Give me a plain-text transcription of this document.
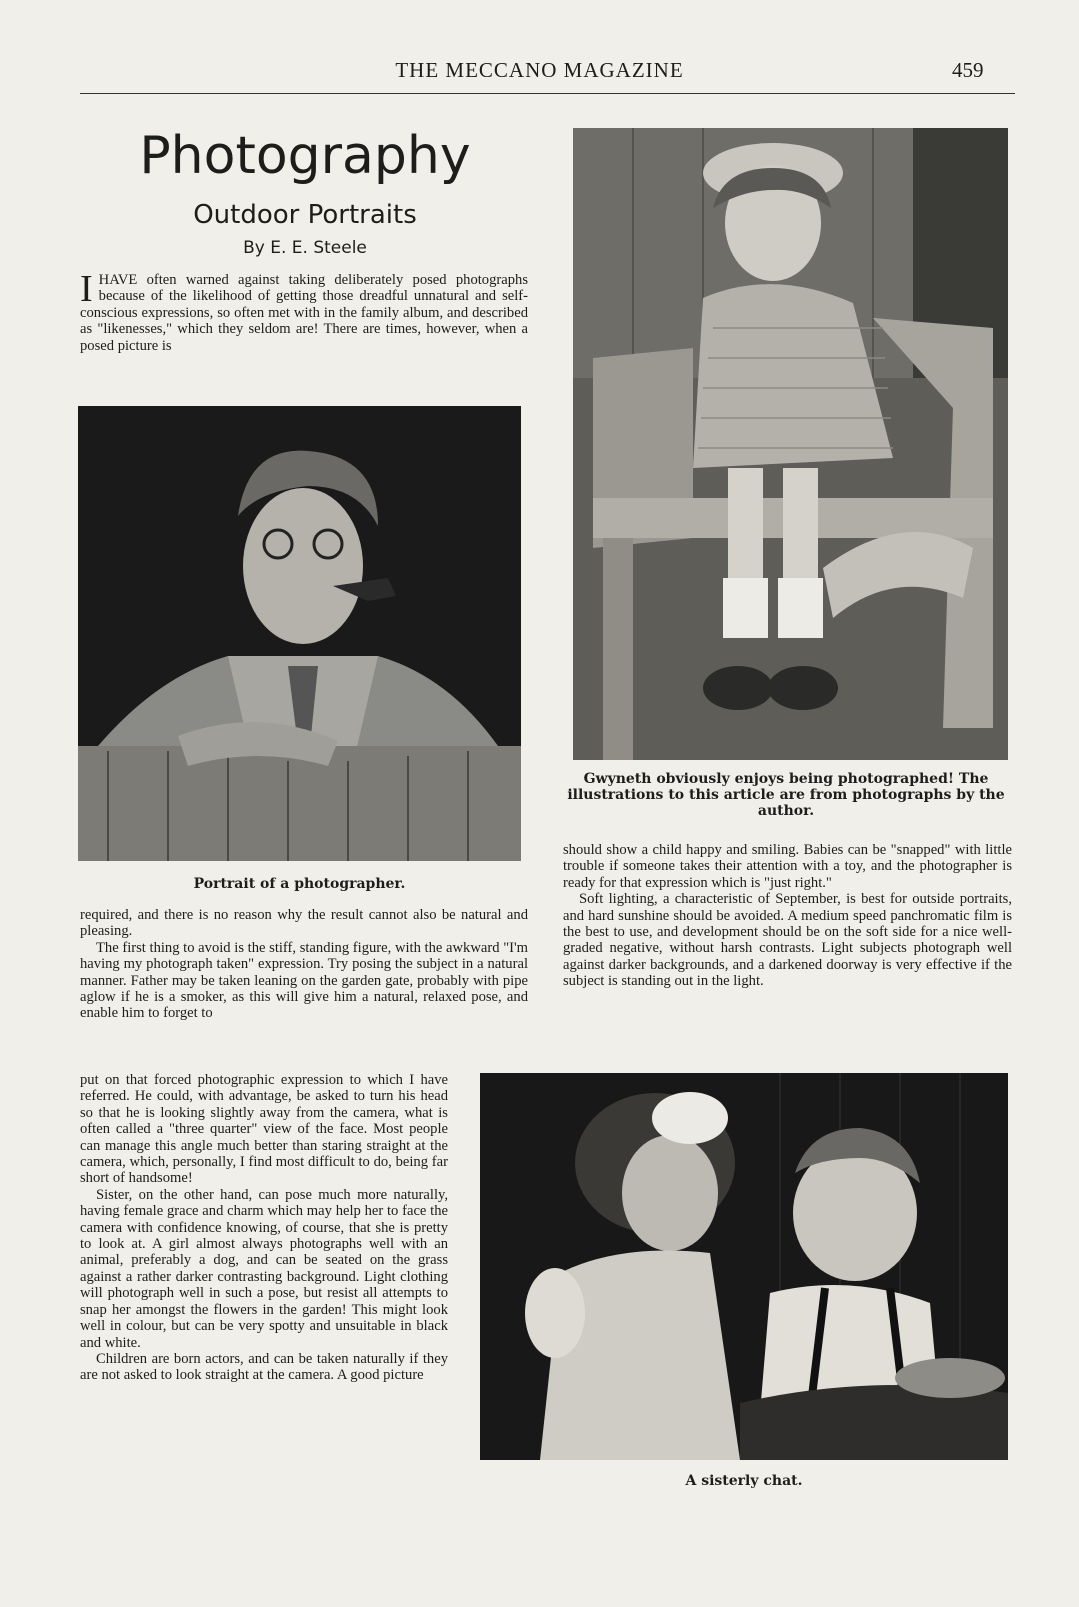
THE MECCANO MAGAZINE	459
Photography
Outdoor Portraits
By E. E. Steele
I HAVE often warned against taking deliberately posed photographs because of the likelihood of getting those dreadful unnatural and self-conscious expressions, so often met with in the family album, and described as "likenesses," which they seldom are! There are times, however, when a posed picture is
Portrait of a photographer.

required, and there is no reason why the result cannot also be natural and pleasing.

The first thing to avoid is the stiff, standing figure, with the awkward "I'm having my photograph taken" expression. Try posing the subject in a natural manner. Father may be taken leaning on the garden gate, probably with pipe aglow if he is a smoker, as this will give him a natural, relaxed pose, and enable him to forget to

put on that forced photographic expression to which I have referred. He could, with advantage, be asked to turn his head so that he is looking slightly away from the camera, what is often called a "three quarter" view of the face. Most people can manage this angle much better than staring straight at the camera, which, personally, I find most difficult to do, being far short of handsome!

Sister, on the other hand, can pose much more naturally, having female grace and charm which may help her to face the camera with confidence knowing, of course, that she is pretty to look at. A girl almost always photographs well with an animal, preferably a dog, and can be seated on the grass against a rather darker contrasting background. Light clothing will photograph well in such a pose, but resist all attempts to snap her amongst the flowers in the garden! This might look well in colour, but can be very spotty and unsuitable in black and white.

Children are born actors, and can be taken naturally if they are not asked to look straight at the camera. A good picture

Gwyneth obviously enjoys being photographed! The illustrations to this article are from photographs by the author.

should show a child happy and smiling. Babies can be "snapped" with little trouble if someone takes their attention with a toy, and the photographer is ready for that expression which is "just right."

Soft lighting, a characteristic of September, is best for outside portraits, and hard sunshine should be avoided. A medium speed panchromatic film is the best to use, and development should be on the soft side for a nice well-graded negative, without harsh contrasts. Light subjects photograph well against darker backgrounds, and a darkened doorway is very effective if the subject is standing out in the light.

A sisterly chat.
